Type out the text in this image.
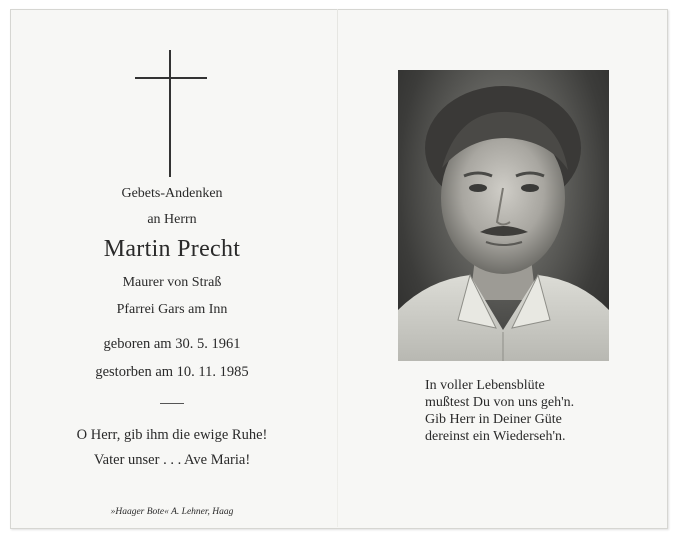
Gebets-Andenken
an Herrn
Martin Precht
Maurer von Straß
Pfarrei Gars am Inn
geboren am 30. 5. 1961
gestorben am 10. 11. 1985
O Herr, gib ihm die ewige Ruhe!
Vater unser . . . Ave Maria!
»Haager Bote« A. Lehner, Haag
In voller Lebensblüte
mußtest Du von uns geh'n.
Gib Herr in Deiner Güte
dereinst ein Wiederseh'n.
